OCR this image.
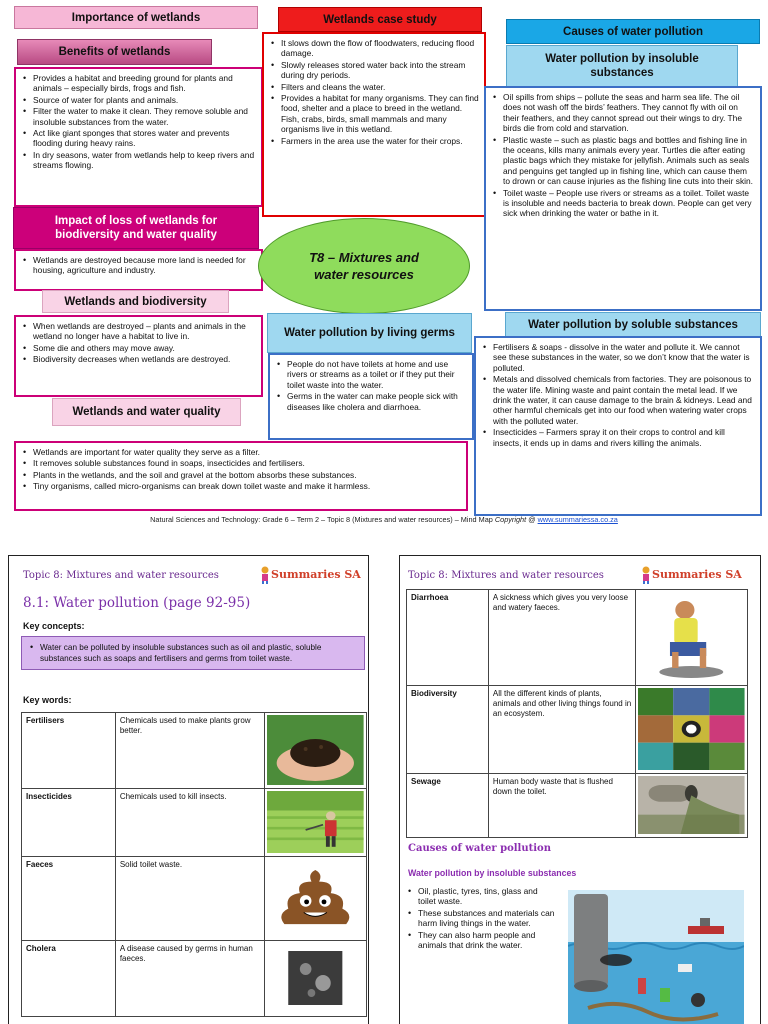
Importance of wetlands	Wetlands case study
Causes of water pollution
Benefits of wetlands
• Provides a habitat and breeding ground for plants and animals – especially birds, frogs and fish.
• Source of water for plants and animals.
• Filter the water to make it clean. They remove soluble and insoluble substances from the water.
• Act like giant sponges that stores water and prevents flooding during heavy rains.
• In dry seasons, water from wetlands help to keep rivers and streams flowing.
• It slows down the flow of floodwaters, reducing flood damage.
• Slowly releases stored water back into the stream during dry periods.
• Filters and cleans the water.
• Provides a habitat for many organisms. They can find food, shelter and a place to breed in the wetland. Fish, crabs, birds, small mammals and many organisms live in this wetland.
• Farmers in the area use the water for their crops.
Water pollution by insoluble substances
• Oil spills from ships – pollute the seas and harm sea life. The oil does not wash off the birds’ feathers. They cannot fly with oil on their feathers, and they cannot spread out their wings to dry. The birds die from cold and starvation.
• Plastic waste – such as plastic bags and bottles and fishing line in the oceans, kills many animals every year. Turtles die after eating plastic bags which they mistake for jellyfish. Animals such as seals and penguins get tangled up in fishing line, which can cause them to drown or can cause injuries as the fishing line cuts into their skin.
• Toilet waste – People use rivers or streams as a toilet. Toilet waste is insoluble and needs bacteria to break down. People can get very sick when drinking the water or bathe in it.
Impact of loss of wetlands for biodiversity and water quality
• Wetlands are destroyed because more land is needed for housing, agriculture and industry.
T8 – Mixtures and water resources
Wetlands and biodiversity
• When wetlands are destroyed – plants and animals in the wetland no longer have a habitat to live in.
• Some die and others may move away.
• Biodiversity decreases when wetlands are destroyed.
Water pollution by living germs
• People do not have toilets at home and use rivers or streams as a toilet or if they put their toilet waste into the water.
• Germs in the water can make people sick with diseases like cholera and diarrhoea.
Water pollution by soluble substances
• Fertilisers & soaps - dissolve in the water and pollute it. We cannot see these substances in the water, so we don’t know that the water is polluted.
• Metals and dissolved chemicals from factories. They are poisonous to the water life. Mining waste and paint contain the metal lead. If we drink the water, it can cause damage to the brain & kidneys. Lead and other harmful chemicals get into our food when watering water crops with the polluted water.
• Insecticides – Farmers spray it on their crops to control and kill insects, it ends up in dams and rivers killing the animals.
Wetlands and water quality
• Wetlands are important for water quality they serve as a filter.
• It removes soluble substances found in soaps, insecticides and fertilisers.
• Plants in the wetlands, and the soil and gravel at the bottom absorbs these substances.
• Tiny organisms, called micro-organisms can break down toilet waste and make it harmless.
Natural Sciences and Technology: Grade 6 – Term 2 – Topic 8 (Mixtures and water resources) – Mind Map Copyright @ www.summariessa.co.za
Topic 8: Mixtures and water resources	Summaries SA
8.1: Water pollution (page 92-95)
Key concepts:
• Water can be polluted by insoluble substances such as oil and plastic, soluble substances such as soaps and fertilisers and germs from toilet waste.
Key words:
Fertilisers	Chemicals used to make plants grow better.	

Insecticides	Chemicals used to kill insects.	

Faeces	Solid toilet waste.	

Cholera	A disease caused by germs in human faeces.	
Topic 8: Mixtures and water resources	Summaries SA
Diarrhoea	A sickness which gives you very loose and watery faeces.	

Biodiversity	All the different kinds of plants, animals and other living things found in an ecosystem.	

Sewage	Human body waste that is flushed down the toilet.	
Causes of water pollution
Water pollution by insoluble substances
• Oil, plastic, tyres, tins, glass and toilet waste.
• These substances and materials can harm living things in the water.
• They can also harm people and animals that drink the water.
